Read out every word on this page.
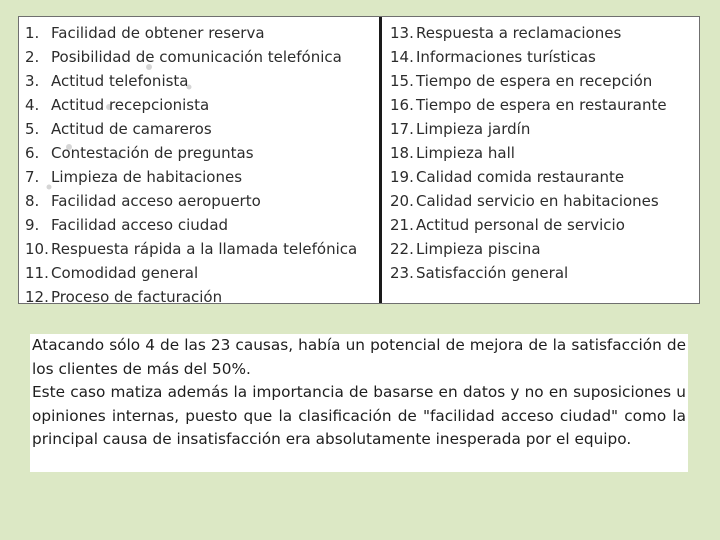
1. Facilidad de obtener reserva
2. Posibilidad de comunicación telefónica
3. Actitud telefonista
4. Actitud recepcionista
5. Actitud de camareros
6. Contestación de preguntas
7. Limpieza de habitaciones
8. Facilidad acceso aeropuerto
9. Facilidad acceso ciudad
10. Respuesta rápida a la llamada telefónica
11. Comodidad general
12. Proceso de facturación
13. Respuesta a reclamaciones
14. Informaciones turísticas
15. Tiempo de espera en recepción
16. Tiempo de espera en restaurante
17. Limpieza jardín
18. Limpieza hall
19. Calidad comida restaurante
20. Calidad servicio en habitaciones
21. Actitud personal de servicio
22. Limpieza piscina
23. Satisfacción general

Atacando sólo 4 de las 23 causas, había un potencial de mejora de la satisfacción de los clientes de más del 50%.

Este caso matiza además la importancia de basarse en datos y no en suposiciones u opiniones internas, puesto que la clasificación de "facilidad acceso ciudad" como la principal causa de insatisfacción era absolutamente inesperada por el equipo.
